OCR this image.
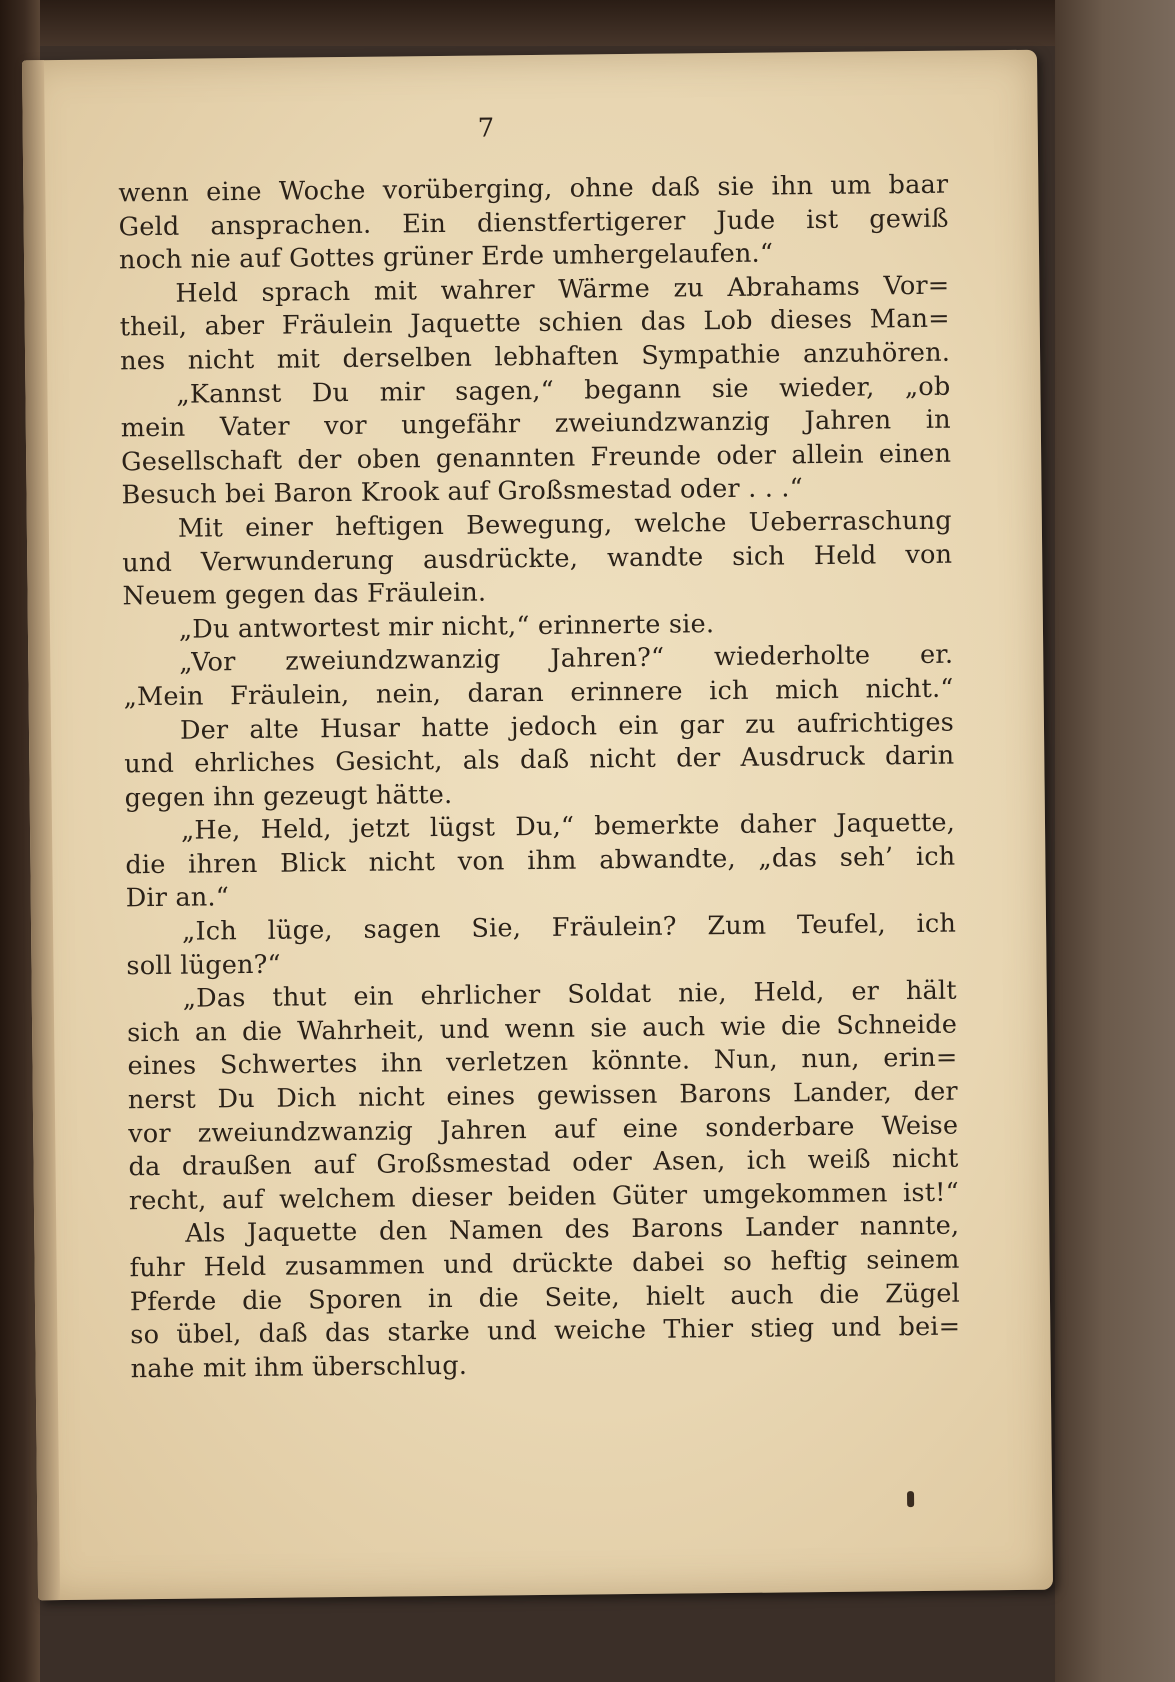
7
wenn eine Woche vorüberging, ohne daß sie ihn um baar
Geld ansprachen. Ein dienstfertigerer Jude ist gewiß
noch nie auf Gottes grüner Erde umhergelaufen.“
Held sprach mit wahrer Wärme zu Abrahams Vor=
theil, aber Fräulein Jaquette schien das Lob dieses Man=
nes nicht mit derselben lebhaften Sympathie anzuhören.
„Kannst Du mir sagen,“ begann sie wieder, „ob
mein Vater vor ungefähr zweiundzwanzig Jahren in
Gesellschaft der oben genannten Freunde oder allein einen
Besuch bei Baron Krook auf Großsmestad oder . . .“
Mit einer heftigen Bewegung, welche Ueberraschung
und Verwunderung ausdrückte, wandte sich Held von
Neuem gegen das Fräulein.
„Du antwortest mir nicht,“ erinnerte sie.
„Vor zweiundzwanzig Jahren?“ wiederholte er.
„Mein Fräulein, nein, daran erinnere ich mich nicht.“
Der alte Husar hatte jedoch ein gar zu aufrichtiges
und ehrliches Gesicht, als daß nicht der Ausdruck darin
gegen ihn gezeugt hätte.
„He, Held, jetzt lügst Du,“ bemerkte daher Jaquette,
die ihren Blick nicht von ihm abwandte, „das seh’ ich
Dir an.“
„Ich lüge, sagen Sie, Fräulein? Zum Teufel, ich
soll lügen?“
„Das thut ein ehrlicher Soldat nie, Held, er hält
sich an die Wahrheit, und wenn sie auch wie die Schneide
eines Schwertes ihn verletzen könnte. Nun, nun, erin=
nerst Du Dich nicht eines gewissen Barons Lander, der
vor zweiundzwanzig Jahren auf eine sonderbare Weise
da draußen auf Großsmestad oder Asen, ich weiß nicht
recht, auf welchem dieser beiden Güter umgekommen ist!“
Als Jaquette den Namen des Barons Lander nannte,
fuhr Held zusammen und drückte dabei so heftig seinem
Pferde die Sporen in die Seite, hielt auch die Zügel
so übel, daß das starke und weiche Thier stieg und bei=
nahe mit ihm überschlug.
